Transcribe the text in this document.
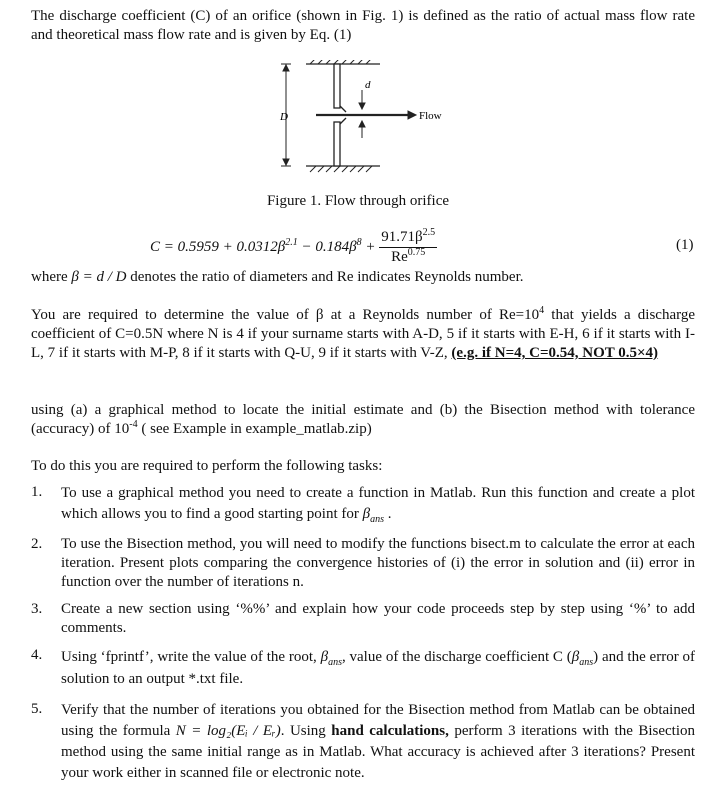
The discharge coefficient (C) of an orifice (shown in Fig. 1) is defined as the ratio of actual mass flow rate and theoretical mass flow rate and is given by Eq. (1)
D
d
Flow
Figure 1. Flow through orifice
$C = 0.5959 + 0.0312\beta^{2.1} - 0.184\beta^8 + \frac{91.71\beta^{2.5}}{Re^{0.75}}$	(1)
where β = d / D denotes the ratio of diameters and Re indicates Reynolds number.
You are required to determine the value of β at a Reynolds number of $Re=10^4$ that yields a discharge coefficient of C=0.5N where N is 4 if your surname starts with A-D, 5 if it starts with E-H, 6 if it starts with I-L, 7 if it starts with M-P, 8 if it starts with Q-U, 9 if it starts with V-Z, (e.g. if N=4, C=0.54, NOT 0.5×4)
using (a) a graphical method to locate the initial estimate and (b) the Bisection method with tolerance (accuracy) of $10^{-4}$ ( see Example in example_matlab.zip)
To do this you are required to perform the following tasks:
1.	To use a graphical method you need to create a function in Matlab. Run this function and create a plot which allows you to find a good starting point for $\beta_{ans}$ .
2.	To use the Bisection method, you will need to modify the functions bisect.m to calculate the error at each iteration. Present plots comparing the convergence histories of (i) the error in solution and (ii) error in function over the number of iterations n.
3.	Create a new section using ‘%%’ and explain how your code proceeds step by step using ‘%’ to add comments.
4.	Using ‘fprintf’, write the value of the root, $\beta_{ans}$, value of the discharge coefficient C $(\beta_{ans})$ and the error of solution to an output *.txt file.
5.	Verify that the number of iterations you obtained for the Bisection method from Matlab can be obtained using the formula N = log₂(Eᵢ / Eᵣ). Using hand calculations, perform 3 iterations with the Bisection method using the same initial range as in Matlab. What accuracy is achieved after 3 iterations? Present your work either in scanned file or electronic note.
